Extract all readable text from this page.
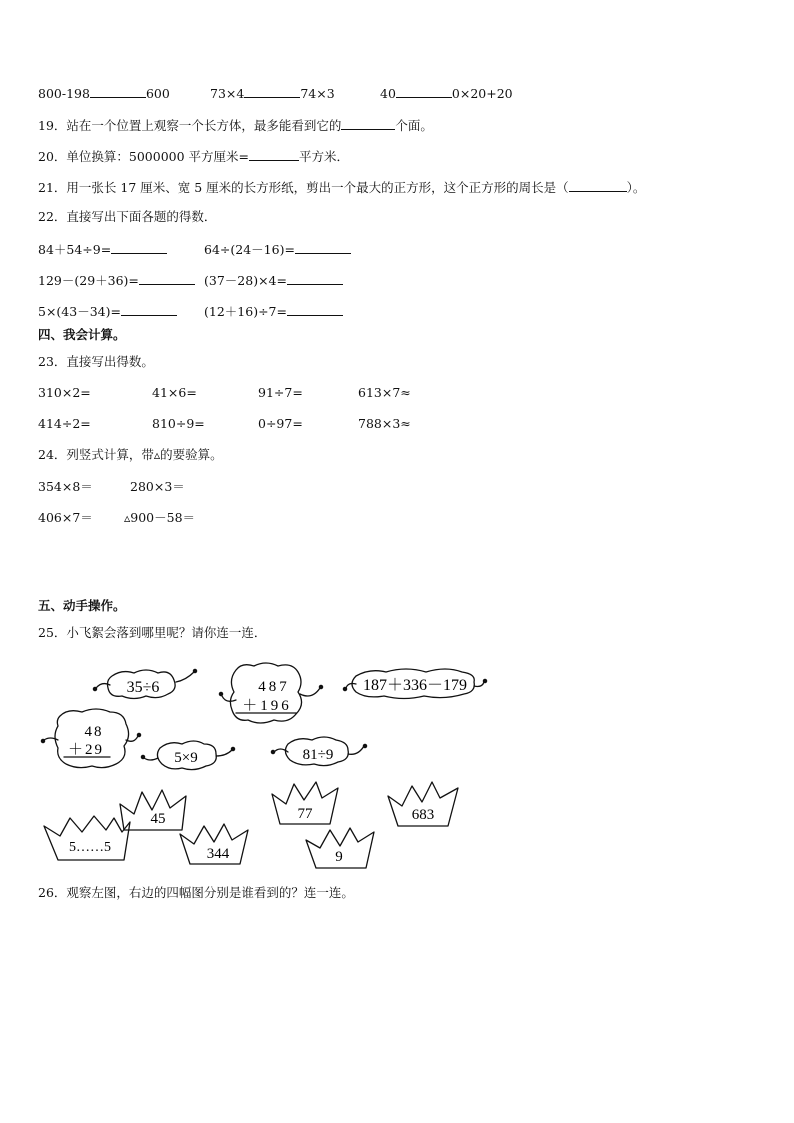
800-198	600	73×4	74×3	40	0×20+20
19．站在一个位置上观察一个长方体，最多能看到它的	个面。
20．单位换算：5000000 平方厘米=	平方米．
21．用一张长 17 厘米、宽 5 厘米的长方形纸，剪出一个最大的正方形，这个正方形的周长是（	）。
22．直接写出下面各题的得数．
84＋54÷9=	64÷(24－16)=
129－(29＋36)=	(37－28)×4=
5×(43－34)=	(12＋16)÷7=
四、我会计算。
23．直接写出得数。
310×2=	41×6=	91÷7=	613×7≈
414÷2=	810÷9=	0÷97=	788×3≈
24．列竖式计算，带▵的要验算。
354×8＝	280×3＝
406×7＝ ▵900－58＝
五、动手操作。
25．小飞絮会落到哪里呢？请你连一连．
35÷6	487
＋196
187＋336－179
48
＋29	5×9	81÷9
45	77	683
5……5	344	9
26．观察左图，右边的四幅图分别是谁看到的？连一连。
